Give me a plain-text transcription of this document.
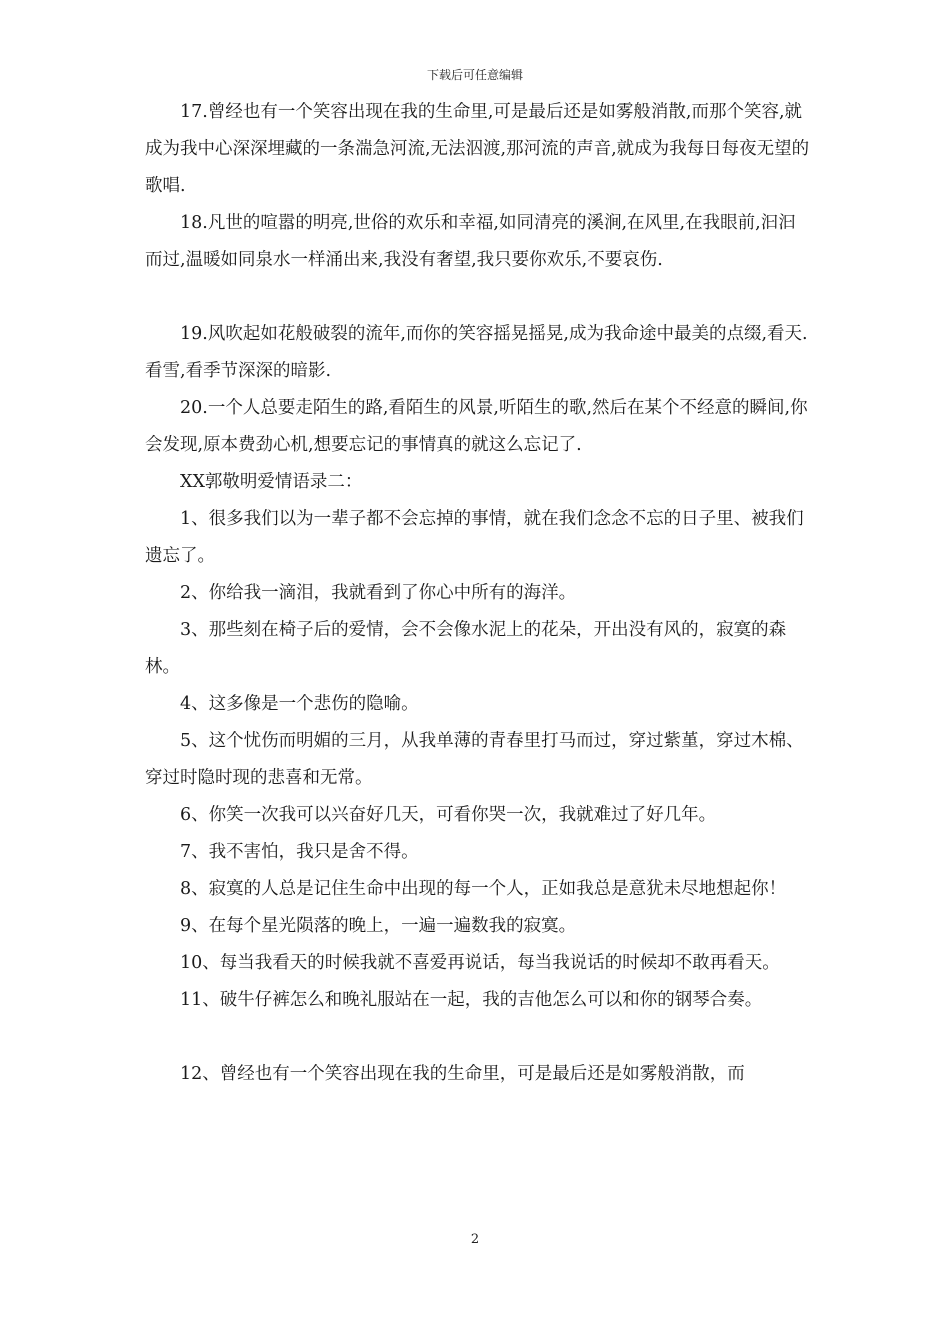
下载后可任意编辑

17.曾经也有一个笑容出现在我的生命里,可是最后还是如雾般消散,而那个笑容,就成为我中心深深埋藏的一条湍急河流,无法泅渡,那河流的声音,就成为我每日每夜无望的歌唱.

18.凡世的喧嚣的明亮,世俗的欢乐和幸福,如同清亮的溪涧,在风里,在我眼前,汩汩而过,温暖如同泉水一样涌出来,我没有奢望,我只要你欢乐,不要哀伤.

19.风吹起如花般破裂的流年,而你的笑容摇晃摇晃,成为我命途中最美的点缀,看天.看雪,看季节深深的暗影.

20.一个人总要走陌生的路,看陌生的风景,听陌生的歌,然后在某个不经意的瞬间,你会发现,原本费劲心机,想要忘记的事情真的就这么忘记了.

XX郭敬明爱情语录二：

1、很多我们以为一辈子都不会忘掉的事情，就在我们念念不忘的日子里、被我们遗忘了。

2、你给我一滴泪，我就看到了你心中所有的海洋。

3、那些刻在椅子后的爱情，会不会像水泥上的花朵，开出没有风的，寂寞的森林。

4、这多像是一个悲伤的隐喻。

5、这个忧伤而明媚的三月，从我单薄的青春里打马而过，穿过紫堇，穿过木棉、穿过时隐时现的悲喜和无常。

6、你笑一次我可以兴奋好几天，可看你哭一次，我就难过了好几年。

7、我不害怕，我只是舍不得。

8、寂寞的人总是记住生命中出现的每一个人，正如我总是意犹未尽地想起你！

9、在每个星光陨落的晚上，一遍一遍数我的寂寞。

10、每当我看天的时候我就不喜爱再说话，每当我说话的时候却不敢再看天。

11、破牛仔裤怎么和晚礼服站在一起，我的吉他怎么可以和你的钢琴合奏。

12、曾经也有一个笑容出现在我的生命里，可是最后还是如雾般消散，而

2
